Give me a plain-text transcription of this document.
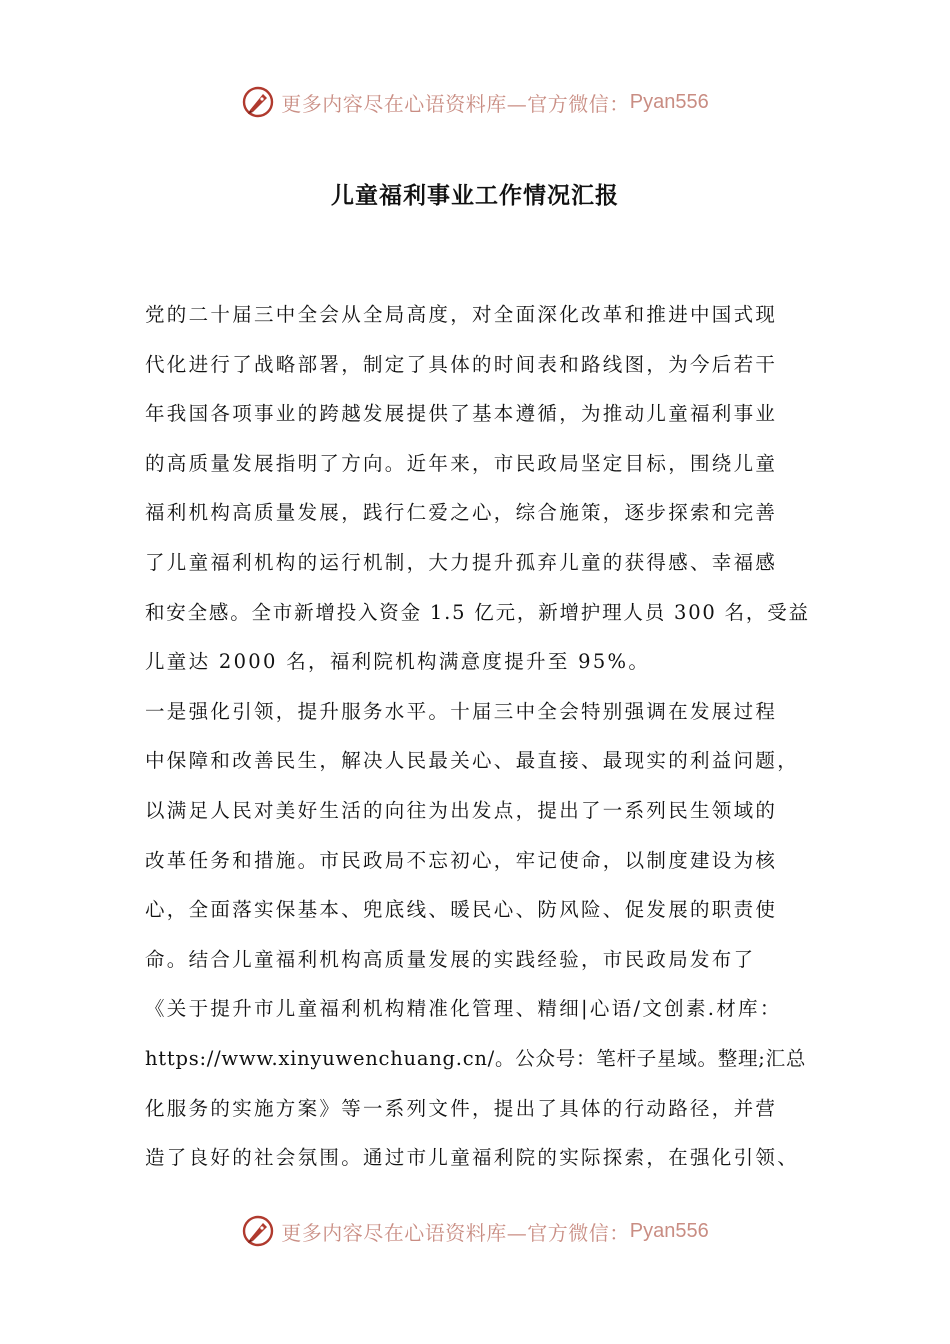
更多内容尽在心语资料库—官方微信： Pyan556
儿童福利事业工作情况汇报
党的二十届三中全会从全局高度，对全面深化改革和推进中国式现
代化进行了战略部署，制定了具体的时间表和路线图，为今后若干
年我国各项事业的跨越发展提供了基本遵循，为推动儿童福利事业
的高质量发展指明了方向。近年来，市民政局坚定目标，围绕儿童
福利机构高质量发展，践行仁爱之心，综合施策，逐步探索和完善
了儿童福利机构的运行机制，大力提升孤弃儿童的获得感、幸福感
和安全感。全市新增投入资金 1.5 亿元，新增护理人员 300 名，受益
儿童达 2000 名，福利院机构满意度提升至 95%。
一是强化引领，提升服务水平。十届三中全会特别强调在发展过程
中保障和改善民生，解决人民最关心、最直接、最现实的利益问题，
以满足人民对美好生活的向往为出发点，提出了一系列民生领域的
改革任务和措施。市民政局不忘初心，牢记使命，以制度建设为核
心，全面落实保基本、兜底线、暖民心、防风险、促发展的职责使
命。结合儿童福利机构高质量发展的实践经验，市民政局发布了
《关于提升市儿童福利机构精准化管理、精细|心语/文创素.材库：
https://www.xinyuwenchuang.cn/。公众号：笔杆子星域。整理;汇总
化服务的实施方案》等一系列文件，提出了具体的行动路径，并营
造了良好的社会氛围。通过市儿童福利院的实际探索，在强化引领、
更多内容尽在心语资料库—官方微信： Pyan556
